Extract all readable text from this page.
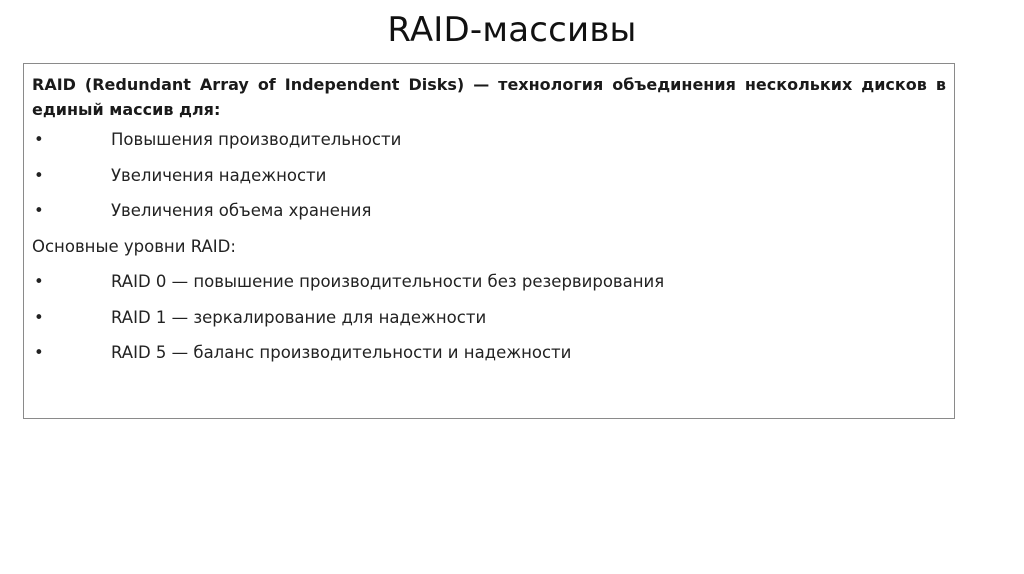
RAID-массивы

RAID (Redundant Array of Independent Disks) — технология объединения нескольких дисков в единый массив для:

•	Повышения производительности
•	Увеличения надежности
•	Увеличения объема хранения
Основные уровни RAID:
•	RAID 0 — повышение производительности без резервирования
•	RAID 1 — зеркалирование для надежности
•	RAID 5 — баланс производительности и надежности
